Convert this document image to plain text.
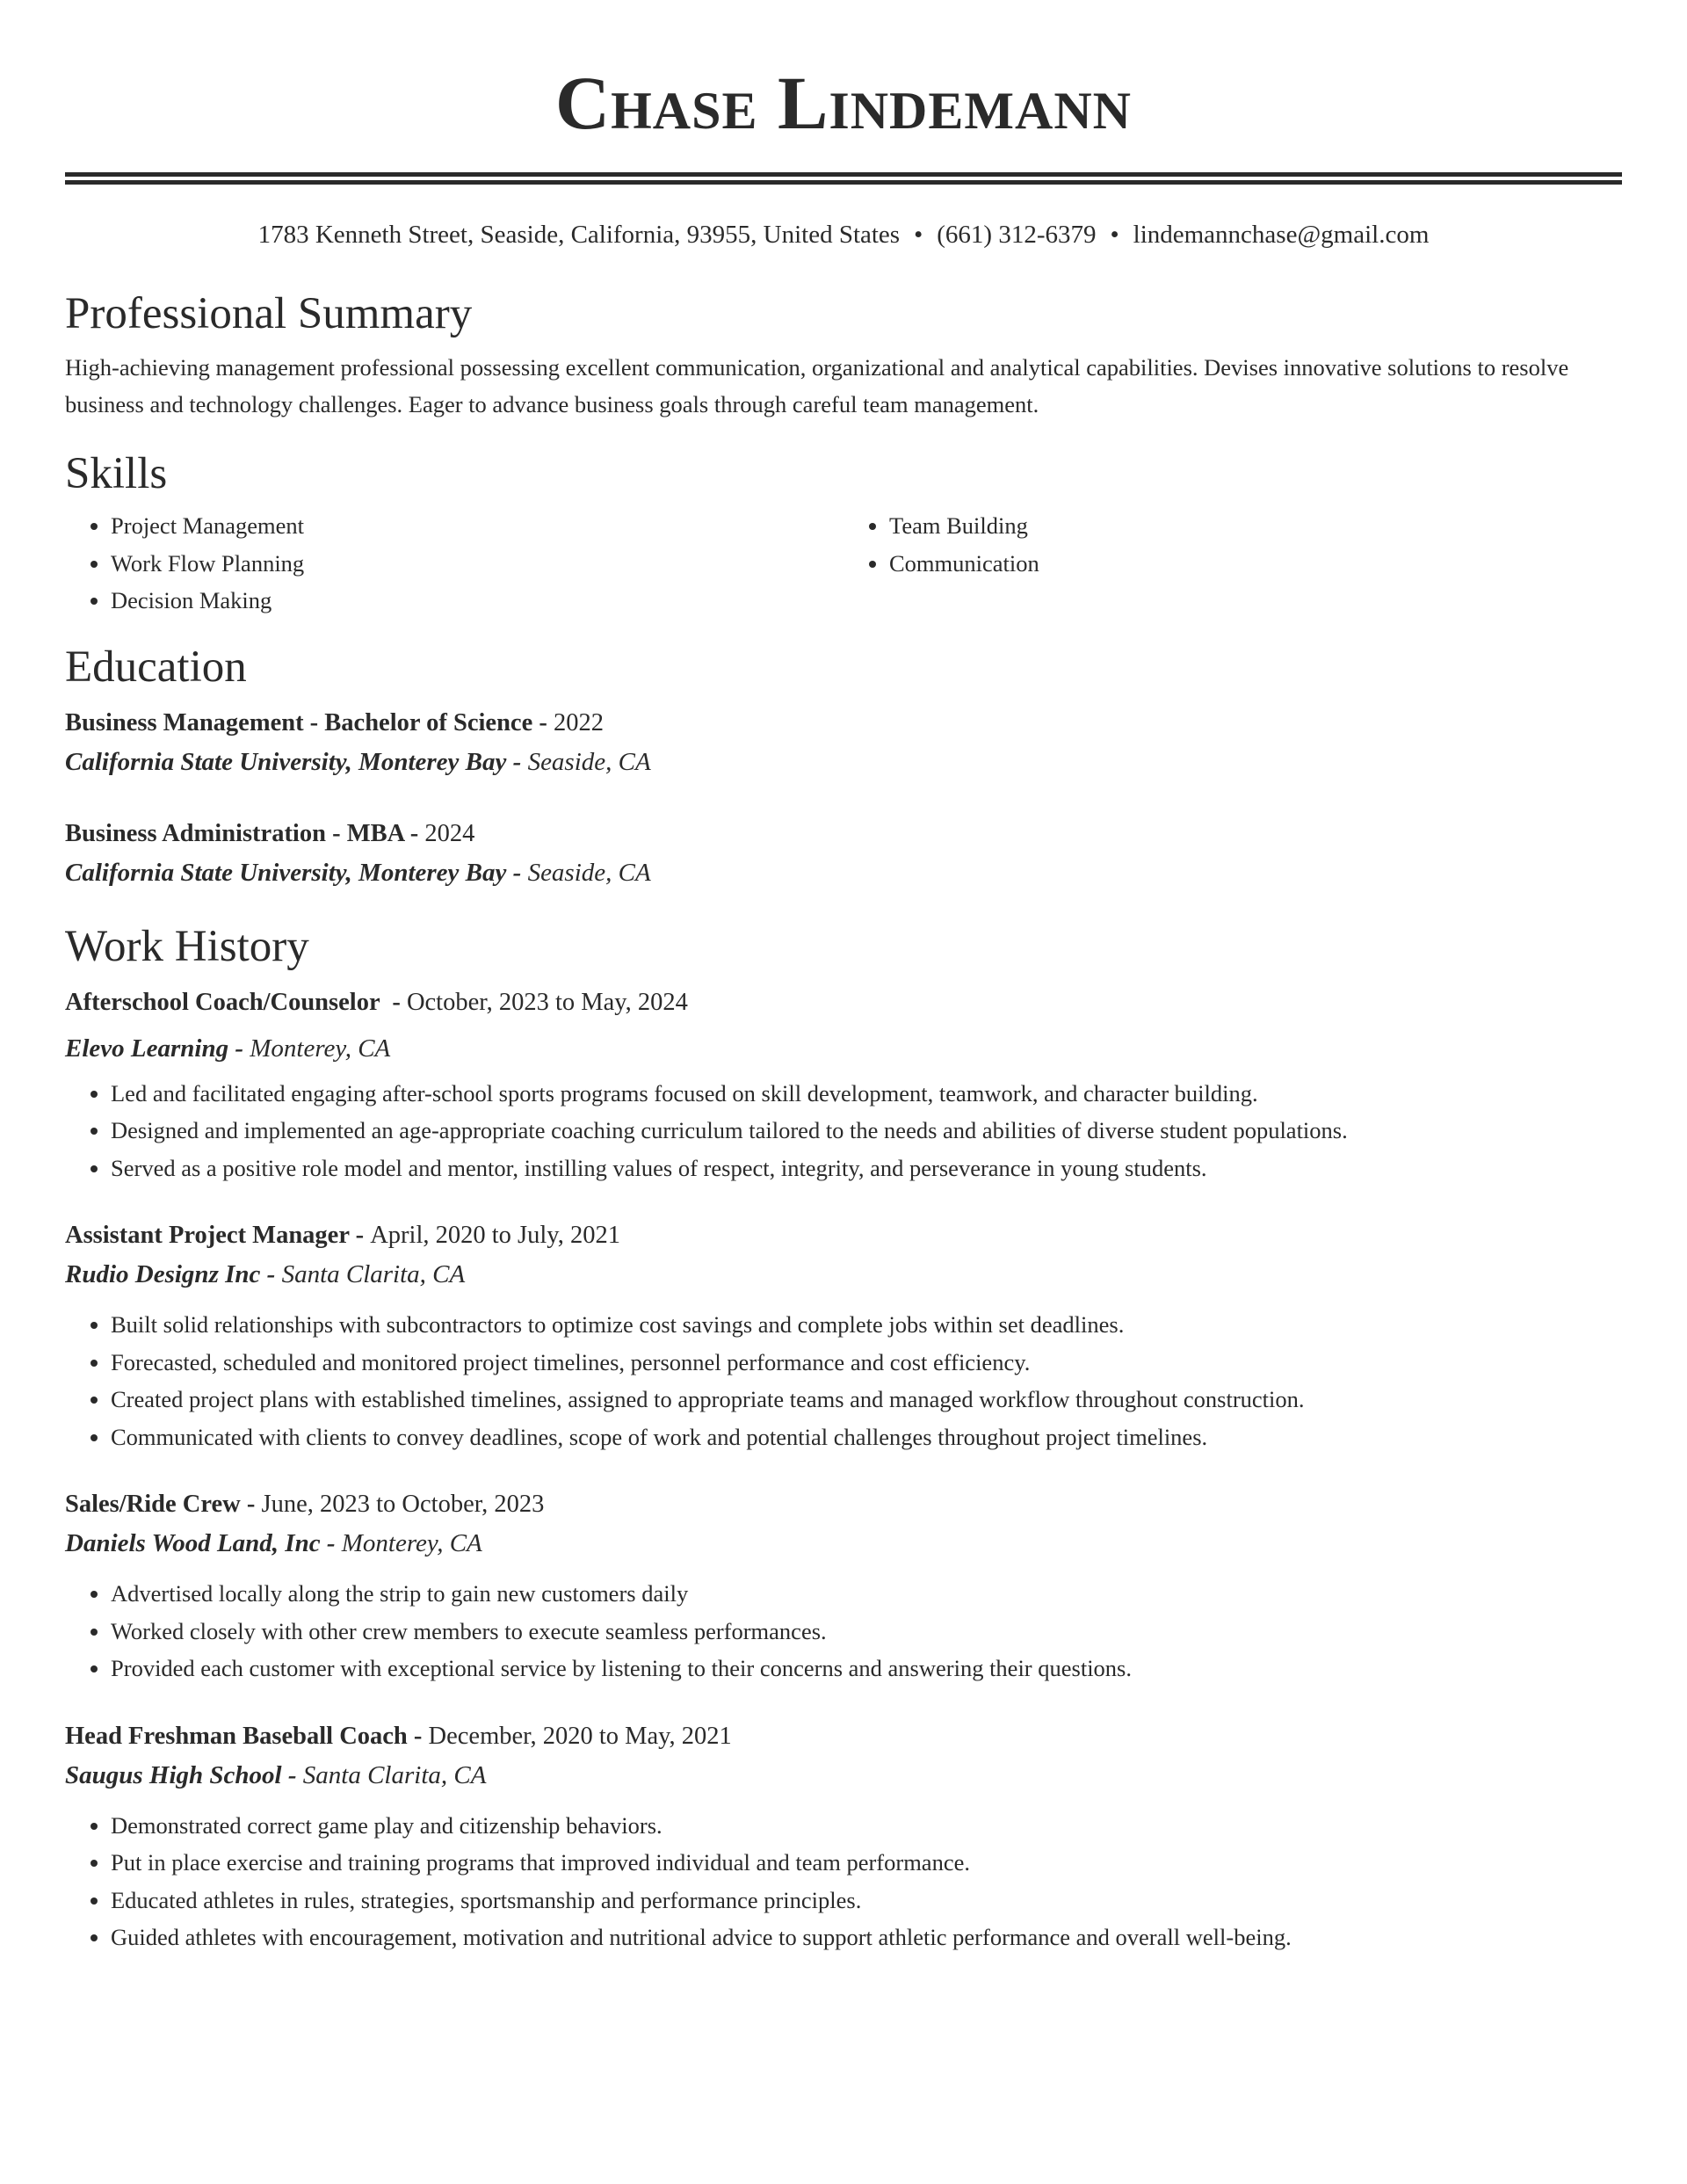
Chase Lindemann
1783 Kenneth Street, Seaside, California, 93955, United States • (661) 312-6379 • lindemannchase@gmail.com
Professional Summary
High-achieving management professional possessing excellent communication, organizational and analytical capabilities. Devises innovative solutions to resolve business and technology challenges. Eager to advance business goals through careful team management.
Skills
• Project Management
• Work Flow Planning
• Decision Making
• Team Building
• Communication
Education
Business Management - Bachelor of Science - 2022
California State University, Monterey Bay - Seaside, CA
Business Administration - MBA - 2024
California State University, Monterey Bay - Seaside, CA
Work History
Afterschool Coach/Counselor  - October, 2023 to May, 2024
Elevo Learning - Monterey, CA
• Led and facilitated engaging after-school sports programs focused on skill development, teamwork, and character building.
• Designed and implemented an age-appropriate coaching curriculum tailored to the needs and abilities of diverse student populations.
• Served as a positive role model and mentor, instilling values of respect, integrity, and perseverance in young students.
Assistant Project Manager - April, 2020 to July, 2021
Rudio Designz Inc - Santa Clarita, CA
• Built solid relationships with subcontractors to optimize cost savings and complete jobs within set deadlines.
• Forecasted, scheduled and monitored project timelines, personnel performance and cost efficiency.
• Created project plans with established timelines, assigned to appropriate teams and managed workflow throughout construction.
• Communicated with clients to convey deadlines, scope of work and potential challenges throughout project timelines.
Sales/Ride Crew - June, 2023 to October, 2023
Daniels Wood Land, Inc - Monterey, CA
• Advertised locally along the strip to gain new customers daily
• Worked closely with other crew members to execute seamless performances.
• Provided each customer with exceptional service by listening to their concerns and answering their questions.
Head Freshman Baseball Coach - December, 2020 to May, 2021
Saugus High School - Santa Clarita, CA
• Demonstrated correct game play and citizenship behaviors.
• Put in place exercise and training programs that improved individual and team performance.
• Educated athletes in rules, strategies, sportsmanship and performance principles.
• Guided athletes with encouragement, motivation and nutritional advice to support athletic performance and overall well-being.
